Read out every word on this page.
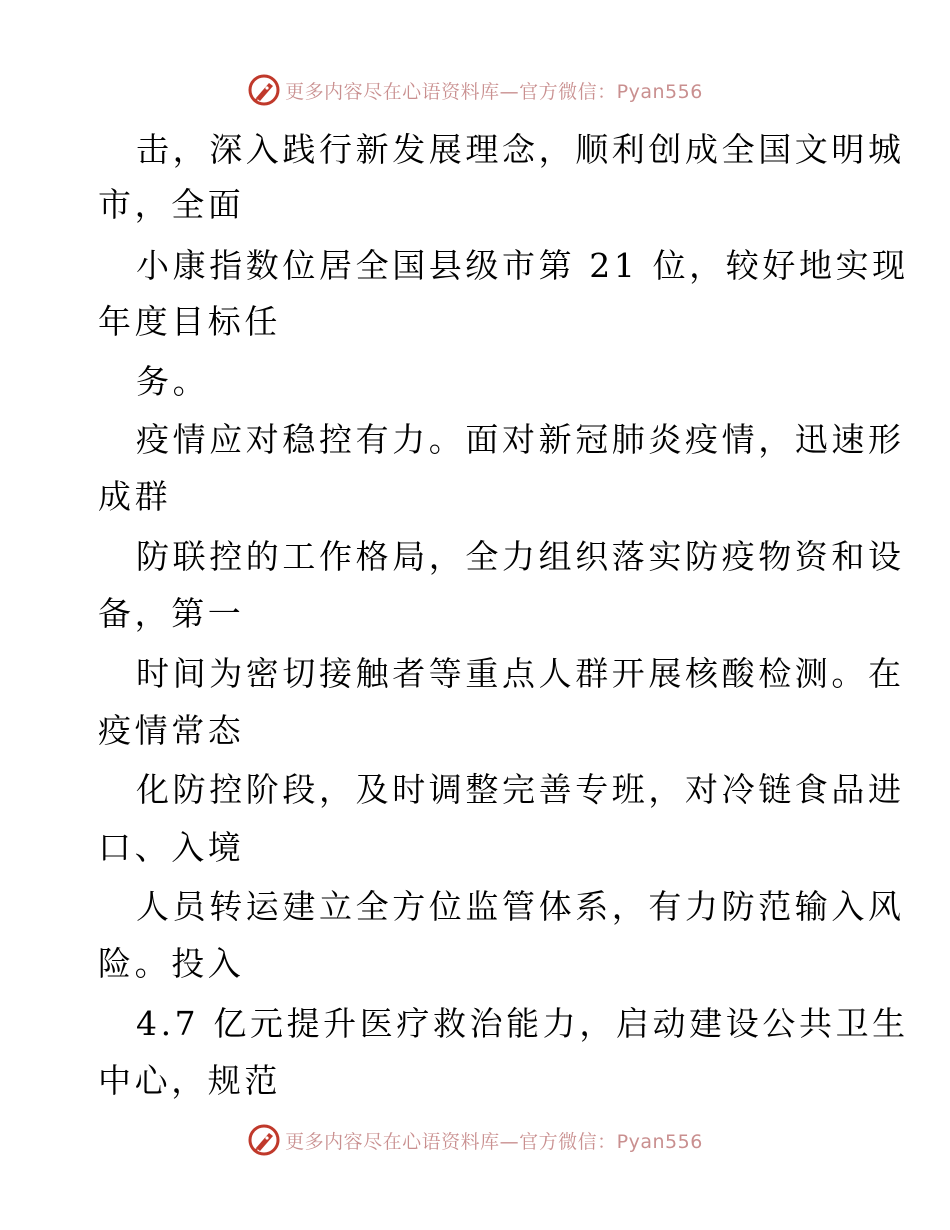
更多内容尽在心语资料库—官方微信：Pyan556
击，深入践行新发展理念，顺利创成全国文明城
市，全面
小康指数位居全国县级市第 21 位，较好地实现
年度目标任
务。
疫情应对稳控有力。面对新冠肺炎疫情，迅速形
成群
防联控的工作格局，全力组织落实防疫物资和设
备，第一
时间为密切接触者等重点人群开展核酸检测。在
疫情常态
化防控阶段，及时调整完善专班，对冷链食品进
口、入境
人员转运建立全方位监管体系，有力防范输入风
险。投入
4.7 亿元提升医疗救治能力，启动建设公共卫生
中心，规范
更多内容尽在心语资料库—官方微信：Pyan556
